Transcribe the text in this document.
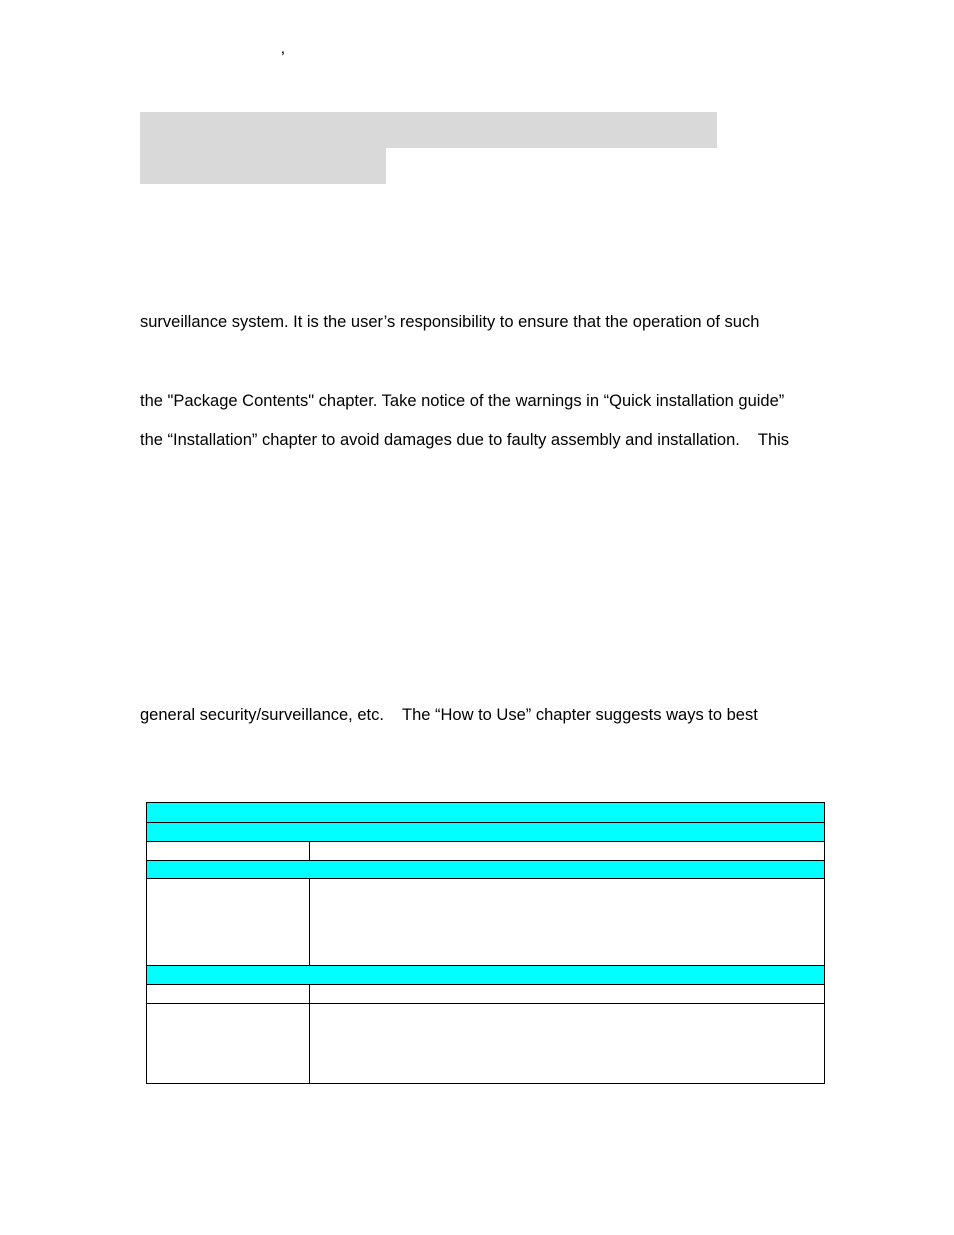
’
surveillance system. It is the user’s responsibility to ensure that the operation of such
the "Package Contents" chapter. Take notice of the warnings in “Quick installation guide”
the “Installation” chapter to avoid damages due to faulty assembly and installation.    This
general security/surveillance, etc.    The “How to Use” chapter suggests ways to best
